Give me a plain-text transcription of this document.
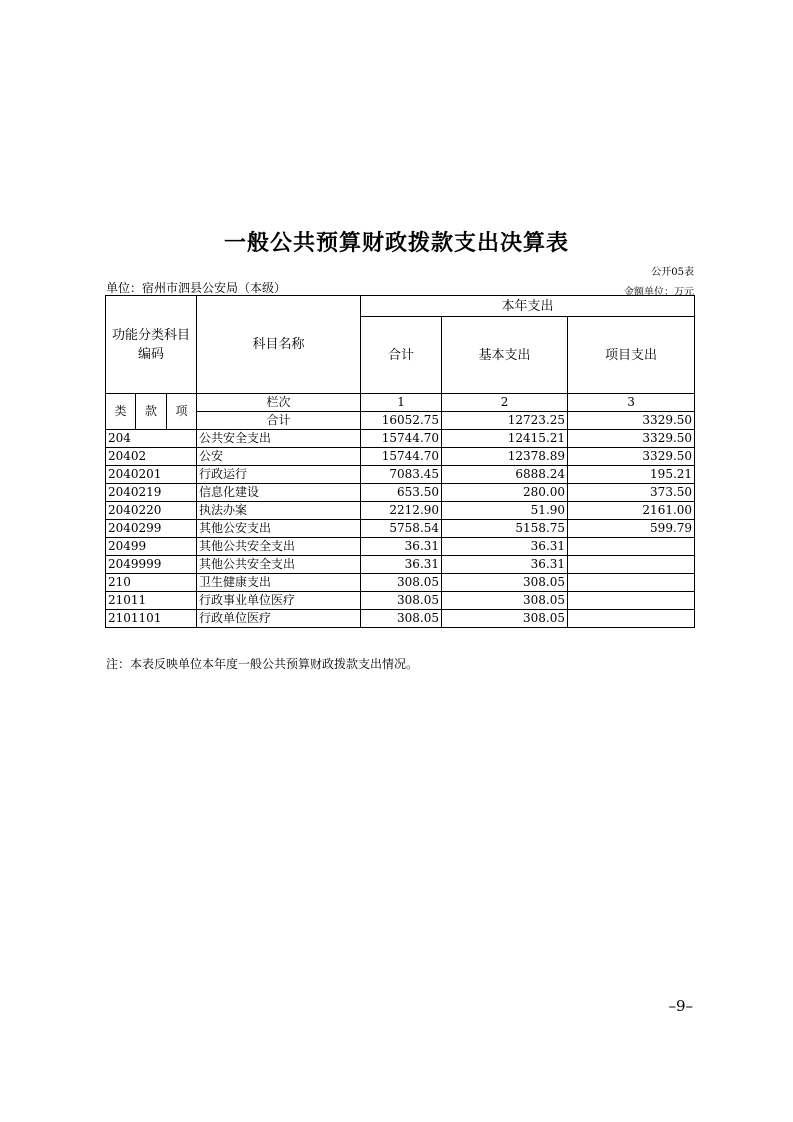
一般公共预算财政拨款支出决算表
公开05表
单位：宿州市泗县公安局（本级）	金额单位：万元
功能分类科目编码			科目名称	本年支出		
				合计	基本支出	项目支出
类	款	项	栏次	1	2	3
			合计	16052.75	12723.25	3329.50
204			公共安全支出	15744.70	12415.21	3329.50
20402			公安	15744.70	12378.89	3329.50
2040201			行政运行	7083.45	6888.24	195.21
2040219			信息化建设	653.50	280.00	373.50
2040220			执法办案	2212.90	51.90	2161.00
2040299			其他公安支出	5758.54	5158.75	599.79
20499			其他公共安全支出	36.31	36.31	
2049999			其他公共安全支出	36.31	36.31	
210			卫生健康支出	308.05	308.05	
21011			行政事业单位医疗	308.05	308.05	
2101101			行政单位医疗	308.05	308.05	
注：本表反映单位本年度一般公共预算财政拨款支出情况。
–9–
